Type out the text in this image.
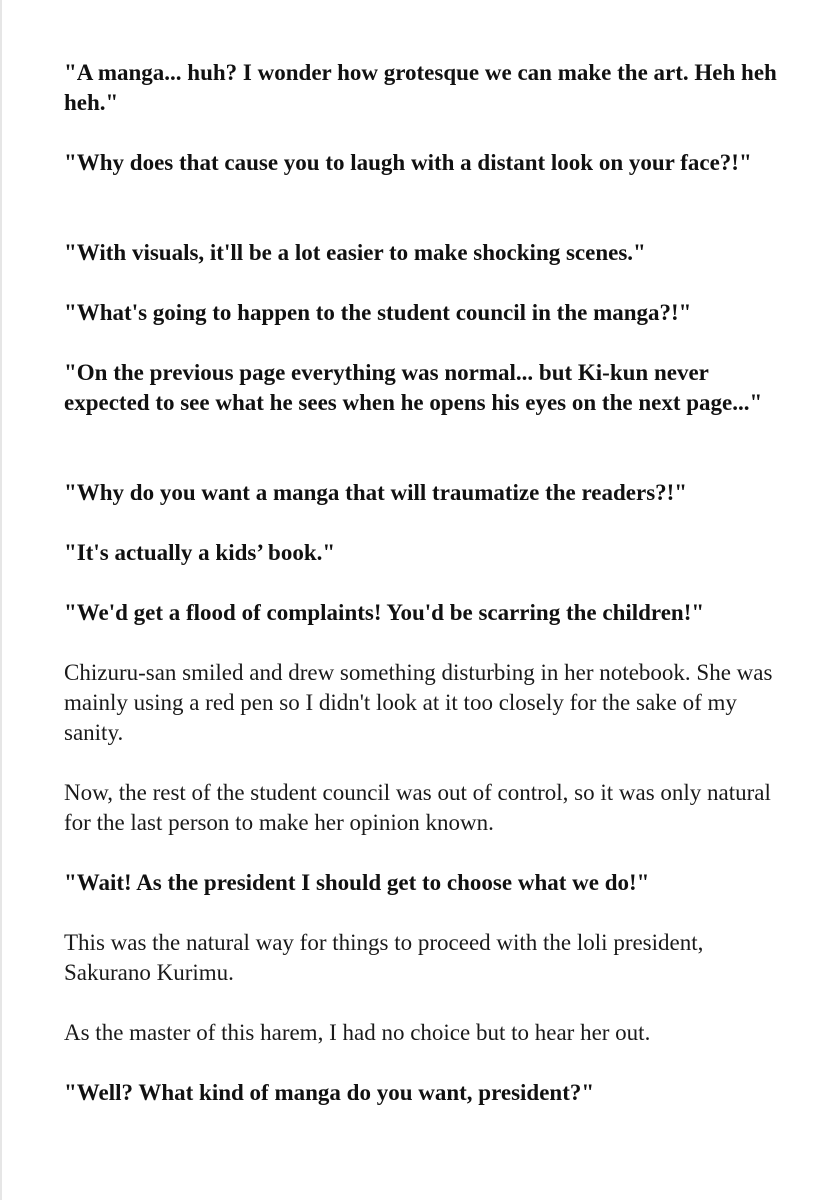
"A manga... huh? I wonder how grotesque we can make the art. Heh heh heh."

"Why does that cause you to laugh with a distant look on your face?!"

"With visuals, it'll be a lot easier to make shocking scenes."

"What's going to happen to the student council in the manga?!"

"On the previous page everything was normal... but Ki-kun never expected to see what he sees when he opens his eyes on the next page..."

"Why do you want a manga that will traumatize the readers?!"

"It's actually a kids’ book."

"We'd get a flood of complaints! You'd be scarring the children!"

Chizuru-san smiled and drew something disturbing in her notebook. She was mainly using a red pen so I didn't look at it too closely for the sake of my sanity.

Now, the rest of the student council was out of control, so it was only natural for the last person to make her opinion known.

"Wait! As the president I should get to choose what we do!"

This was the natural way for things to proceed with the loli president, Sakurano Kurimu.

As the master of this harem, I had no choice but to hear her out.

"Well? What kind of manga do you want, president?"
